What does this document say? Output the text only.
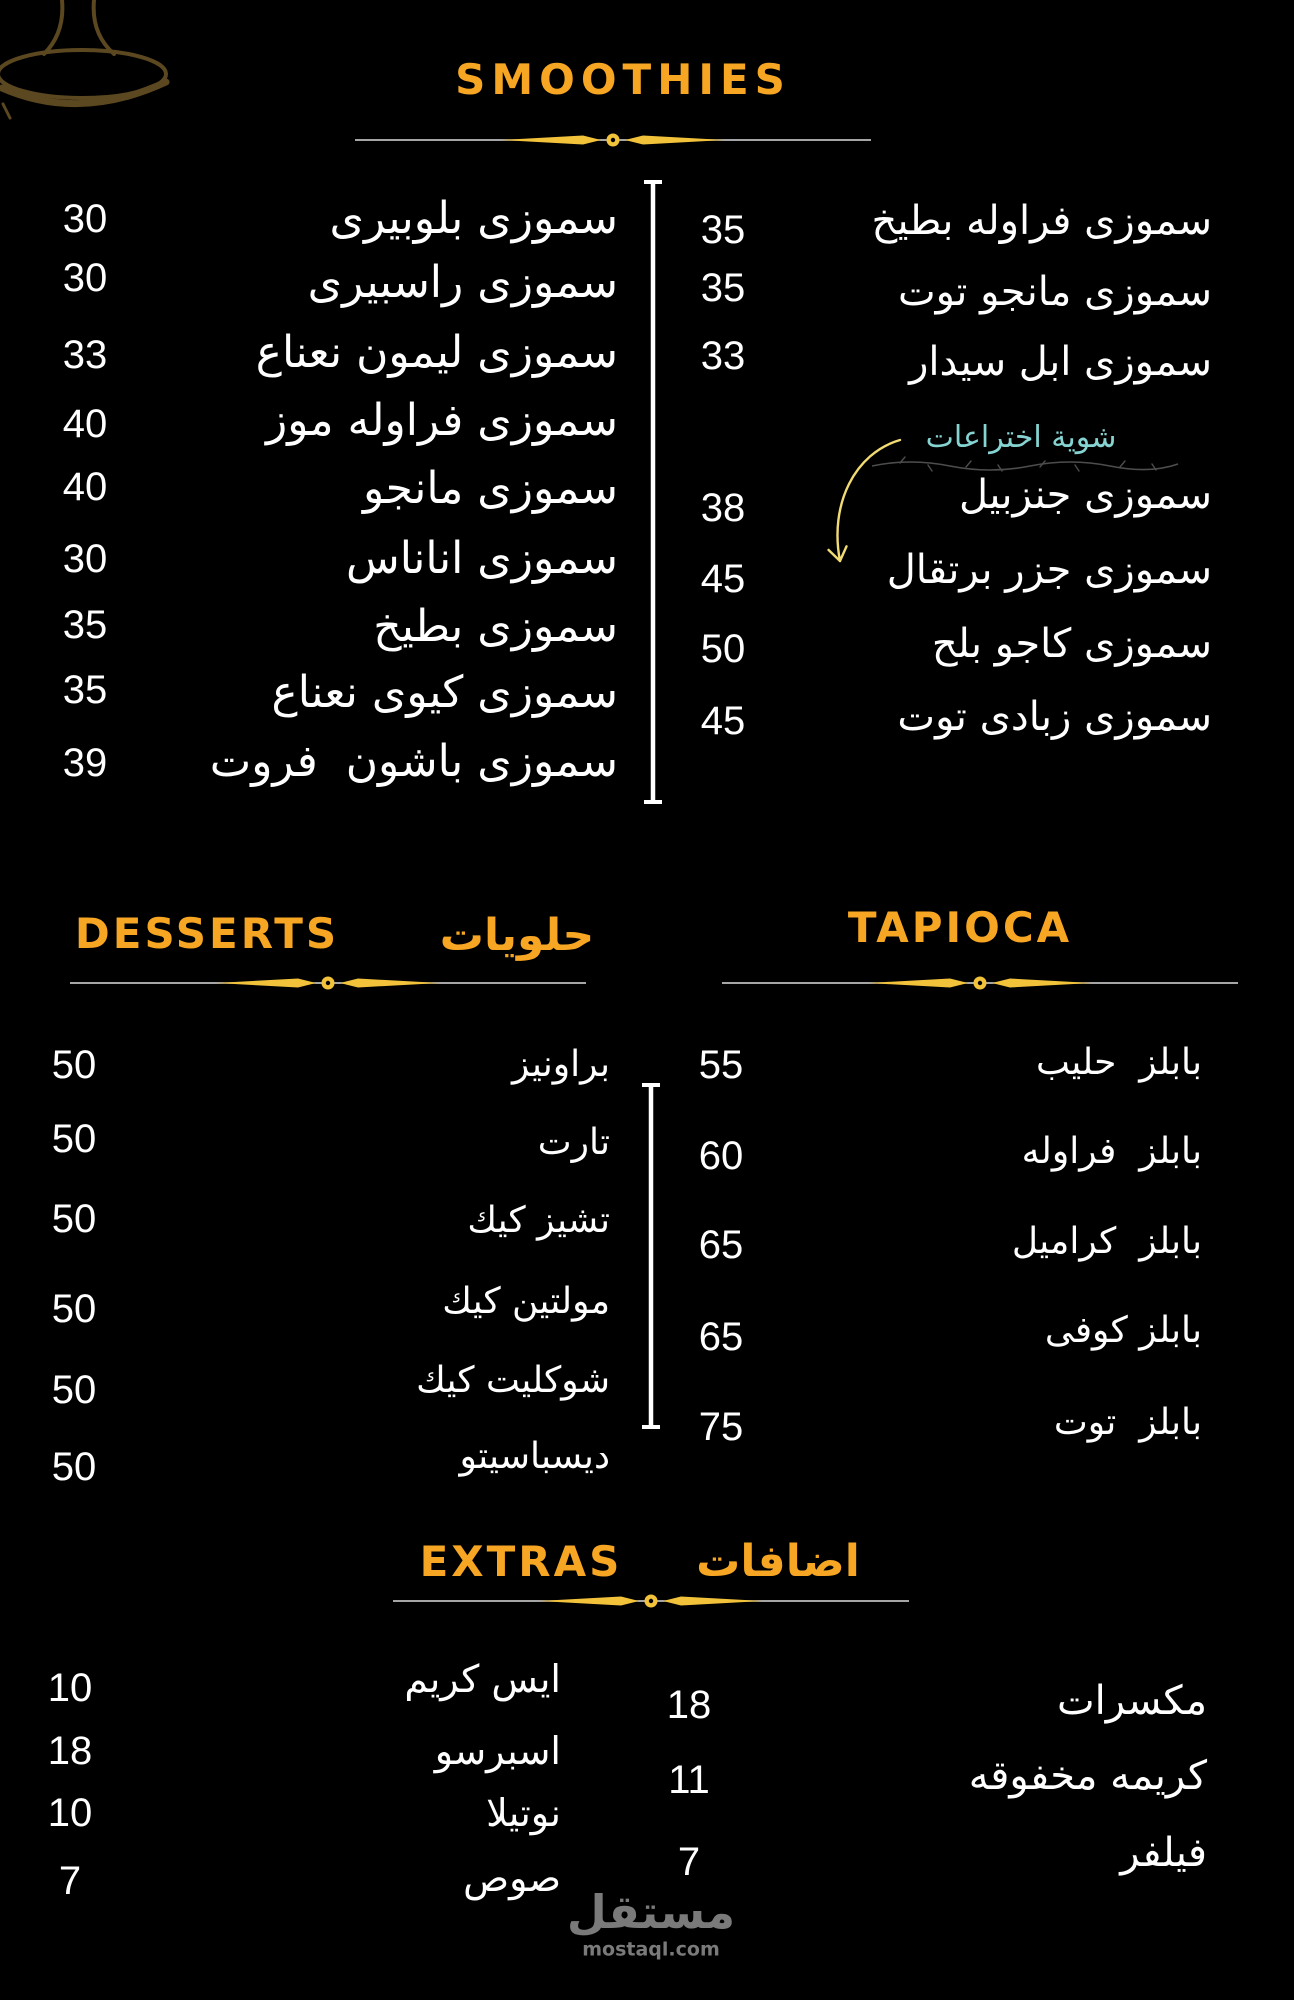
SMOOTHIES
سموزى بلوبيرى
30
سموزى راسبيرى
30
سموزى ليمون نعناع
33
سموزى فراوله موز
40
سموزى مانجو
40
سموزى اناناس
30
سموزى بطيخ
35
سموزى كيوى نعناع
35
سموزى باشون  فروت
39
سموزى فراوله بطيخ
35
سموزى مانجو توت
35
سموزى ابل سيدار
33
شوية اختراعات
سموزى جنزبيل
38
سموزى جزر برتقال
45
سموزى كاجو بلح
50
سموزى زبادى توت
45
DESSERTS حلويات
براونيز
50
تارت
50
تشيز كيك
50
مولتين كيك
50
شوكليت كيك
50
ديسباسيتو
50
TAPIOCA
بابلز  حليب
55
بابلز  فراوله
60
بابلز  كراميل
65
بابلز كوفى
65
بابلز  توت
75
EXTRAS اضافات
ايس كريم
10
اسبرسو
18
نوتيلا
10
صوص
7
مكسرات
18
كريمه مخفوقه
11
فيلفر
7
مستقل
mostaql.com
